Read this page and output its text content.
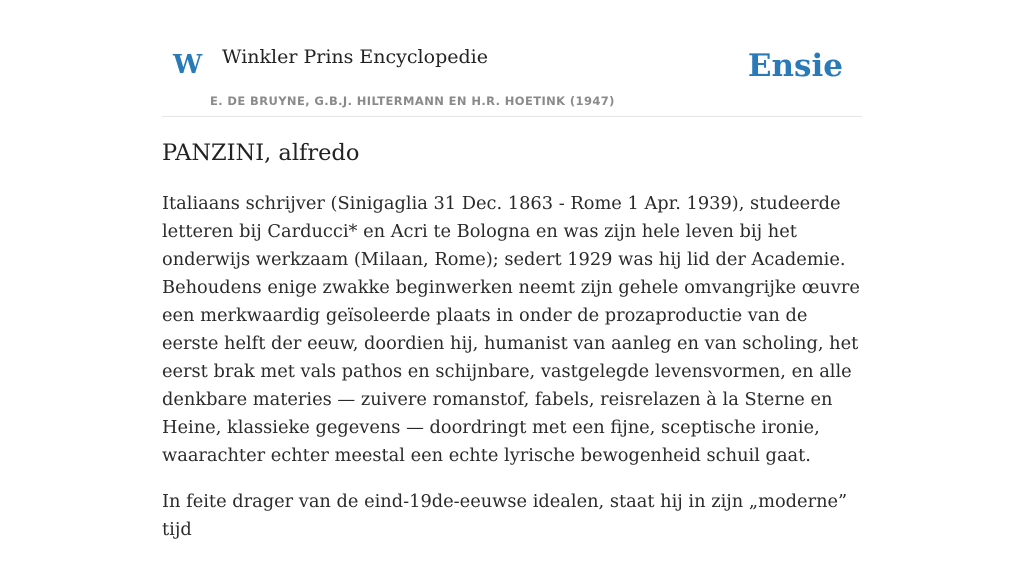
W Winkler Prins Encyclopedie
E. DE BRUYNE, G.B.J. HILTERMANN EN H.R. HOETINK (1947)
Ensie
PANZINI, alfredo

Italiaans schrijver (Sinigaglia 31 Dec. 1863 - Rome 1 Apr. 1939), studeerde letteren bij Carducci* en Acri te Bologna en was zijn hele leven bij het onderwijs werkzaam (Milaan, Rome); sedert 1929 was hij lid der Academie. Behoudens enige zwakke beginwerken neemt zijn gehele omvangrijke œuvre een merkwaardig geïsoleerde plaats in onder de prozaproductie van de eerste helft der eeuw, doordien hij, humanist van aanleg en van scholing, het eerst brak met vals pathos en schijnbare, vastgelegde levensvormen, en alle denkbare materies — zuivere romanstof, fabels, reisrelazen à la Sterne en Heine, klassieke gegevens — doordringt met een fijne, sceptische ironie, waarachter echter meestal een echte lyrische bewogenheid schuil gaat.

In feite drager van de eind-19de-eeuwse idealen, staat hij in zijn „moderne” tijd
